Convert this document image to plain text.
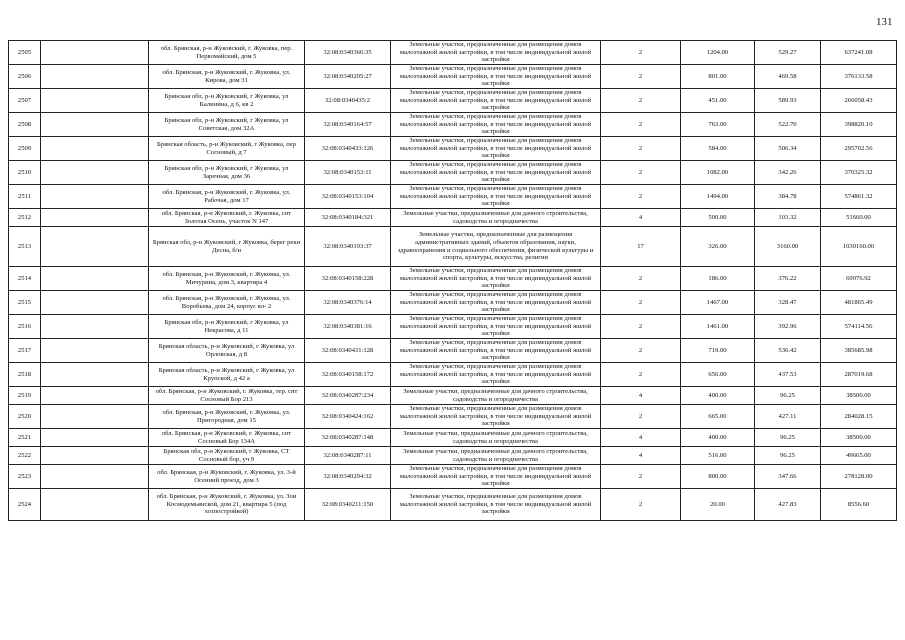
131
2505		обл. Брянская, р-н Жуковский, г. Жуковка, пер. Первомайский, дом 5	32:08:0340366:35	Земельные участки, предназначенные для размещения домов малоэтажной жилой застройки, в том числе индивидуальной жилой застройки	2	1204.00	529.27	637241.08
2506		обл. Брянская, р-н Жуковский, г. Жуковка, ул. Кирова, дом 31	32:08:0340205:27	Земельные участки, предназначенные для размещения домов малоэтажной жилой застройки, в том числе индивидуальной жилой застройки	2	801.00	469.58	376133.58
2507		Брянская обл, р-н Жуковский, г Жуковка, ул Калинина, д 6, кв 2	32:08:0340435:2	Земельные участки, предназначенные для размещения домов малоэтажной жилой застройки, в том числе индивидуальной жилой застройки	2	451.00	589.93	266058.43
2508		Брянская обл, р-н Жуковский, г Жуковка, ул Советская, дом 32А	32:08:0340164:57	Земельные участки, предназначенные для размещения домов малоэтажной жилой застройки, в том числе индивидуальной жилой застройки	2	763.00	522.70	398820.10
2509		Брянская область, р-н Жуковский, г Жуковка, пер Сосновый, д 7	32:08:0340433:126	Земельные участки, предназначенные для размещения домов малоэтажной жилой застройки, в том числе индивидуальной жилой застройки	2	584.00	506.34	295702.56
2510		Брянская обл, р-н Жуковский, г Жуковка, ул Заречная, дом 36	32:08:0340153:11	Земельные участки, предназначенные для размещения домов малоэтажной жилой застройки, в том числе индивидуальной жилой застройки	2	1082.00	342.26	370325.32
2511		обл. Брянская, р-н Жуковский, г. Жуковка, ул. Рабочая, дом 17	32:08:0340153:104	Земельные участки, предназначенные для размещения домов малоэтажной жилой застройки, в том числе индивидуальной жилой застройки	2	1494.00	384.78	574861.32
2512		обл. Брянская, р-н Жуковский, г. Жуковка, снт Золотая Осень, участок N 147	32:08:0340184:321	Земельные участки, предназначенные для дачного строительства, садоводства и огородничества	4	500.00	103.32	51660.00
2513		Брянская обл, р-н Жуковский, г Жуковка, берег реки Десна, б/н	32:08:0340193:37	Земельные участки, предназначенные для размещения административных зданий, объектов образования, науки, здравоохранения и социального обеспечения, физической культуры и спорта, культуры, искусства, религии	17	326.00	3160.00	1030160.00
2514		обл. Брянская, р-н Жуковский, г. Жуковка, ул. Мичурина, дом 3, квартира 4	32:08:0340158:228	Земельные участки, предназначенные для размещения домов малоэтажной жилой застройки, в том числе индивидуальной жилой застройки	2	186.00	376.22	69976.92
2515		обл. Брянская, р-н Жуковский, г. Жуковка, ул. Воробьева, дом 24, корпус вл- 2	32:08:0340376:14	Земельные участки, предназначенные для размещения домов малоэтажной жилой застройки, в том числе индивидуальной жилой застройки	2	1467.00	328.47	481865.49
2516		Брянская обл, р-н Жуковский, г Жуковка, ул Некрасова, д 11	32:08:0340381:16	Земельные участки, предназначенные для размещения домов малоэтажной жилой застройки, в том числе индивидуальной жилой застройки	2	1461.00	392.96	574114.56
2517		Брянская область, р-н Жуковский, г Жуковка, ул Орловская, д 8	32:08:0340431:128	Земельные участки, предназначенные для размещения домов малоэтажной жилой застройки, в том числе индивидуальной жилой застройки	2	719.00	536.42	385685.98
2518		Брянская область, р-н Жуковский, г Жуковка, ул Крупской, д 42 а	32:08:0340158:172	Земельные участки, предназначенные для размещения домов малоэтажной жилой застройки, в том числе индивидуальной жилой застройки	2	656.00	437.53	287019.68
2519		обл. Брянская, р-н Жуковский, г. Жуковка, тер. снт Сосновый Бор 213	32:08:0340287:234	Земельные участки, предназначенные для дачного строительства, садоводства и огородничества	4	400.00	96.25	38500.00
2520		обл. Брянская, р-н Жуковский, г. Жуковка, ул. Пригородная, дом 15	32:08:0340424:162	Земельные участки, предназначенные для размещения домов малоэтажной жилой застройки, в том числе индивидуальной жилой застройки	2	665.00	427.11	284028.15
2521		обл. Брянская, р-н Жуковский, г. Жуковка, снт Сосновый Бор 134А	32:08:0340287:148	Земельные участки, предназначенные для дачного строительства, садоводства и огородничества	4	400.00	96.25	38500.00
2522		Брянская обл, р-н Жуковский, г Жуковка, СТ Сосновый бор, уч 9	32:08:0340287:11	Земельные участки, предназначенные для дачного строительства, садоводства и огородничества	4	516.00	96.25	49665.00
2523		обл. Брянская, р-н Жуковский, г. Жуковка, ул. 3-й Осенний проезд, дом 3	32:08:0340294:32	Земельные участки, предназначенные для размещения домов малоэтажной жилой застройки, в том числе индивидуальной жилой застройки	2	800.00	347.66	278128.00
2524		обл. Брянская, р-н Жуковский, г. Жуковка, ул. Зои Космодемьянской, дом 21, квартира 5 (под хозпостройкой)	32:08:0340211:150	Земельные участки, предназначенные для размещения домов малоэтажной жилой застройки, в том числе индивидуальной жилой застройки	2	20.00	427.83	8556.60
